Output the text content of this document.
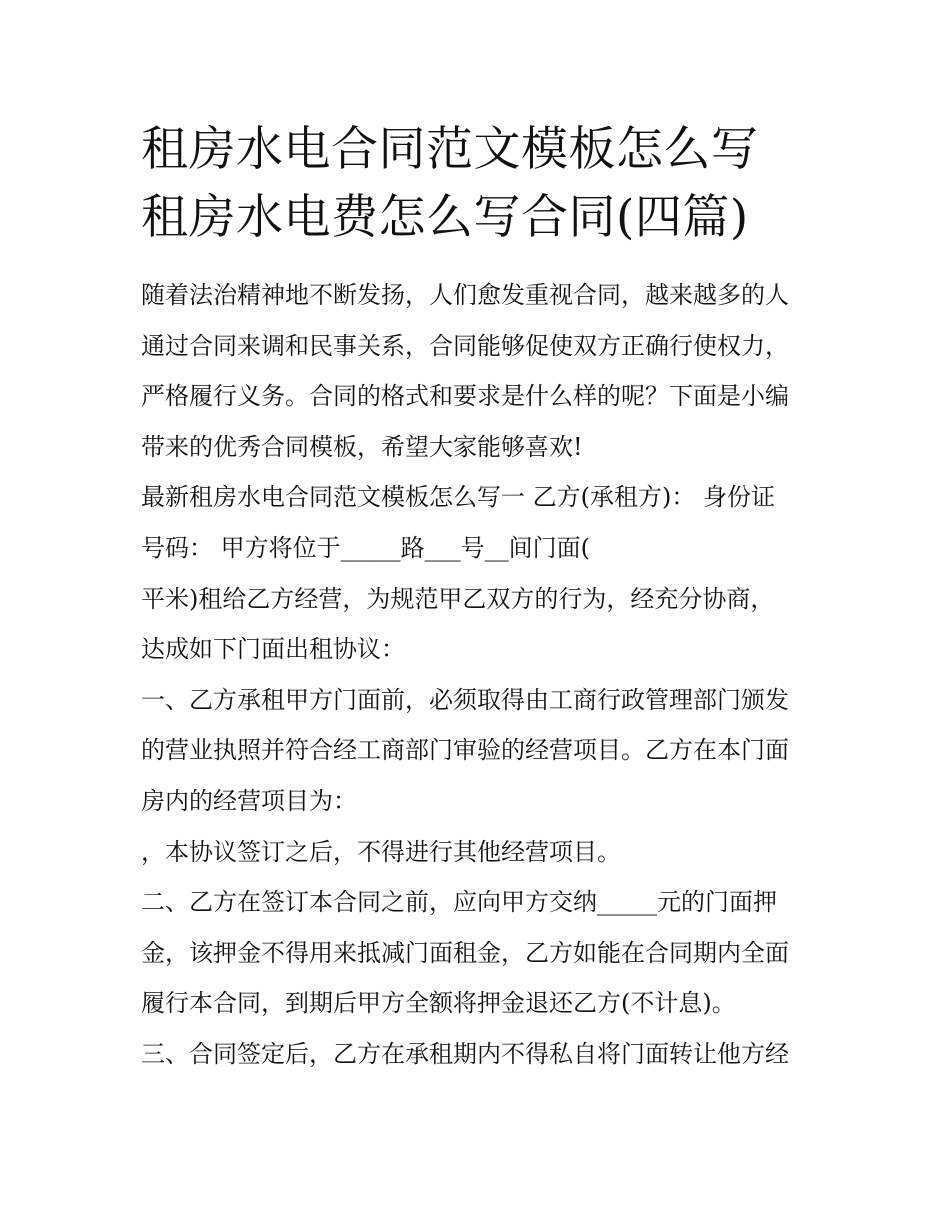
租房水电合同范文模板怎么写
租房水电费怎么写合同(四篇)
随着法治精神地不断发扬，人们愈发重视合同，越来越多的人
通过合同来调和民事关系，合同能够促使双方正确行使权力，
严格履行义务。合同的格式和要求是什么样的呢？下面是小编
带来的优秀合同模板，希望大家能够喜欢!
最新租房水电合同范文模板怎么写一 乙方(承租方)： 身份证
号码： 甲方将位于_____路___号__间门面(
平米)租给乙方经营，为规范甲乙双方的行为，经充分协商，
达成如下门面出租协议：
一、乙方承租甲方门面前，必须取得由工商行政管理部门颁发
的营业执照并符合经工商部门审验的经营项目。乙方在本门面
房内的经营项目为：
，本协议签订之后，不得进行其他经营项目。
二、乙方在签订本合同之前，应向甲方交纳_____元的门面押
金，该押金不得用来抵减门面租金，乙方如能在合同期内全面
履行本合同，到期后甲方全额将押金退还乙方(不计息)。
三、合同签定后，乙方在承租期内不得私自将门面转让他方经
